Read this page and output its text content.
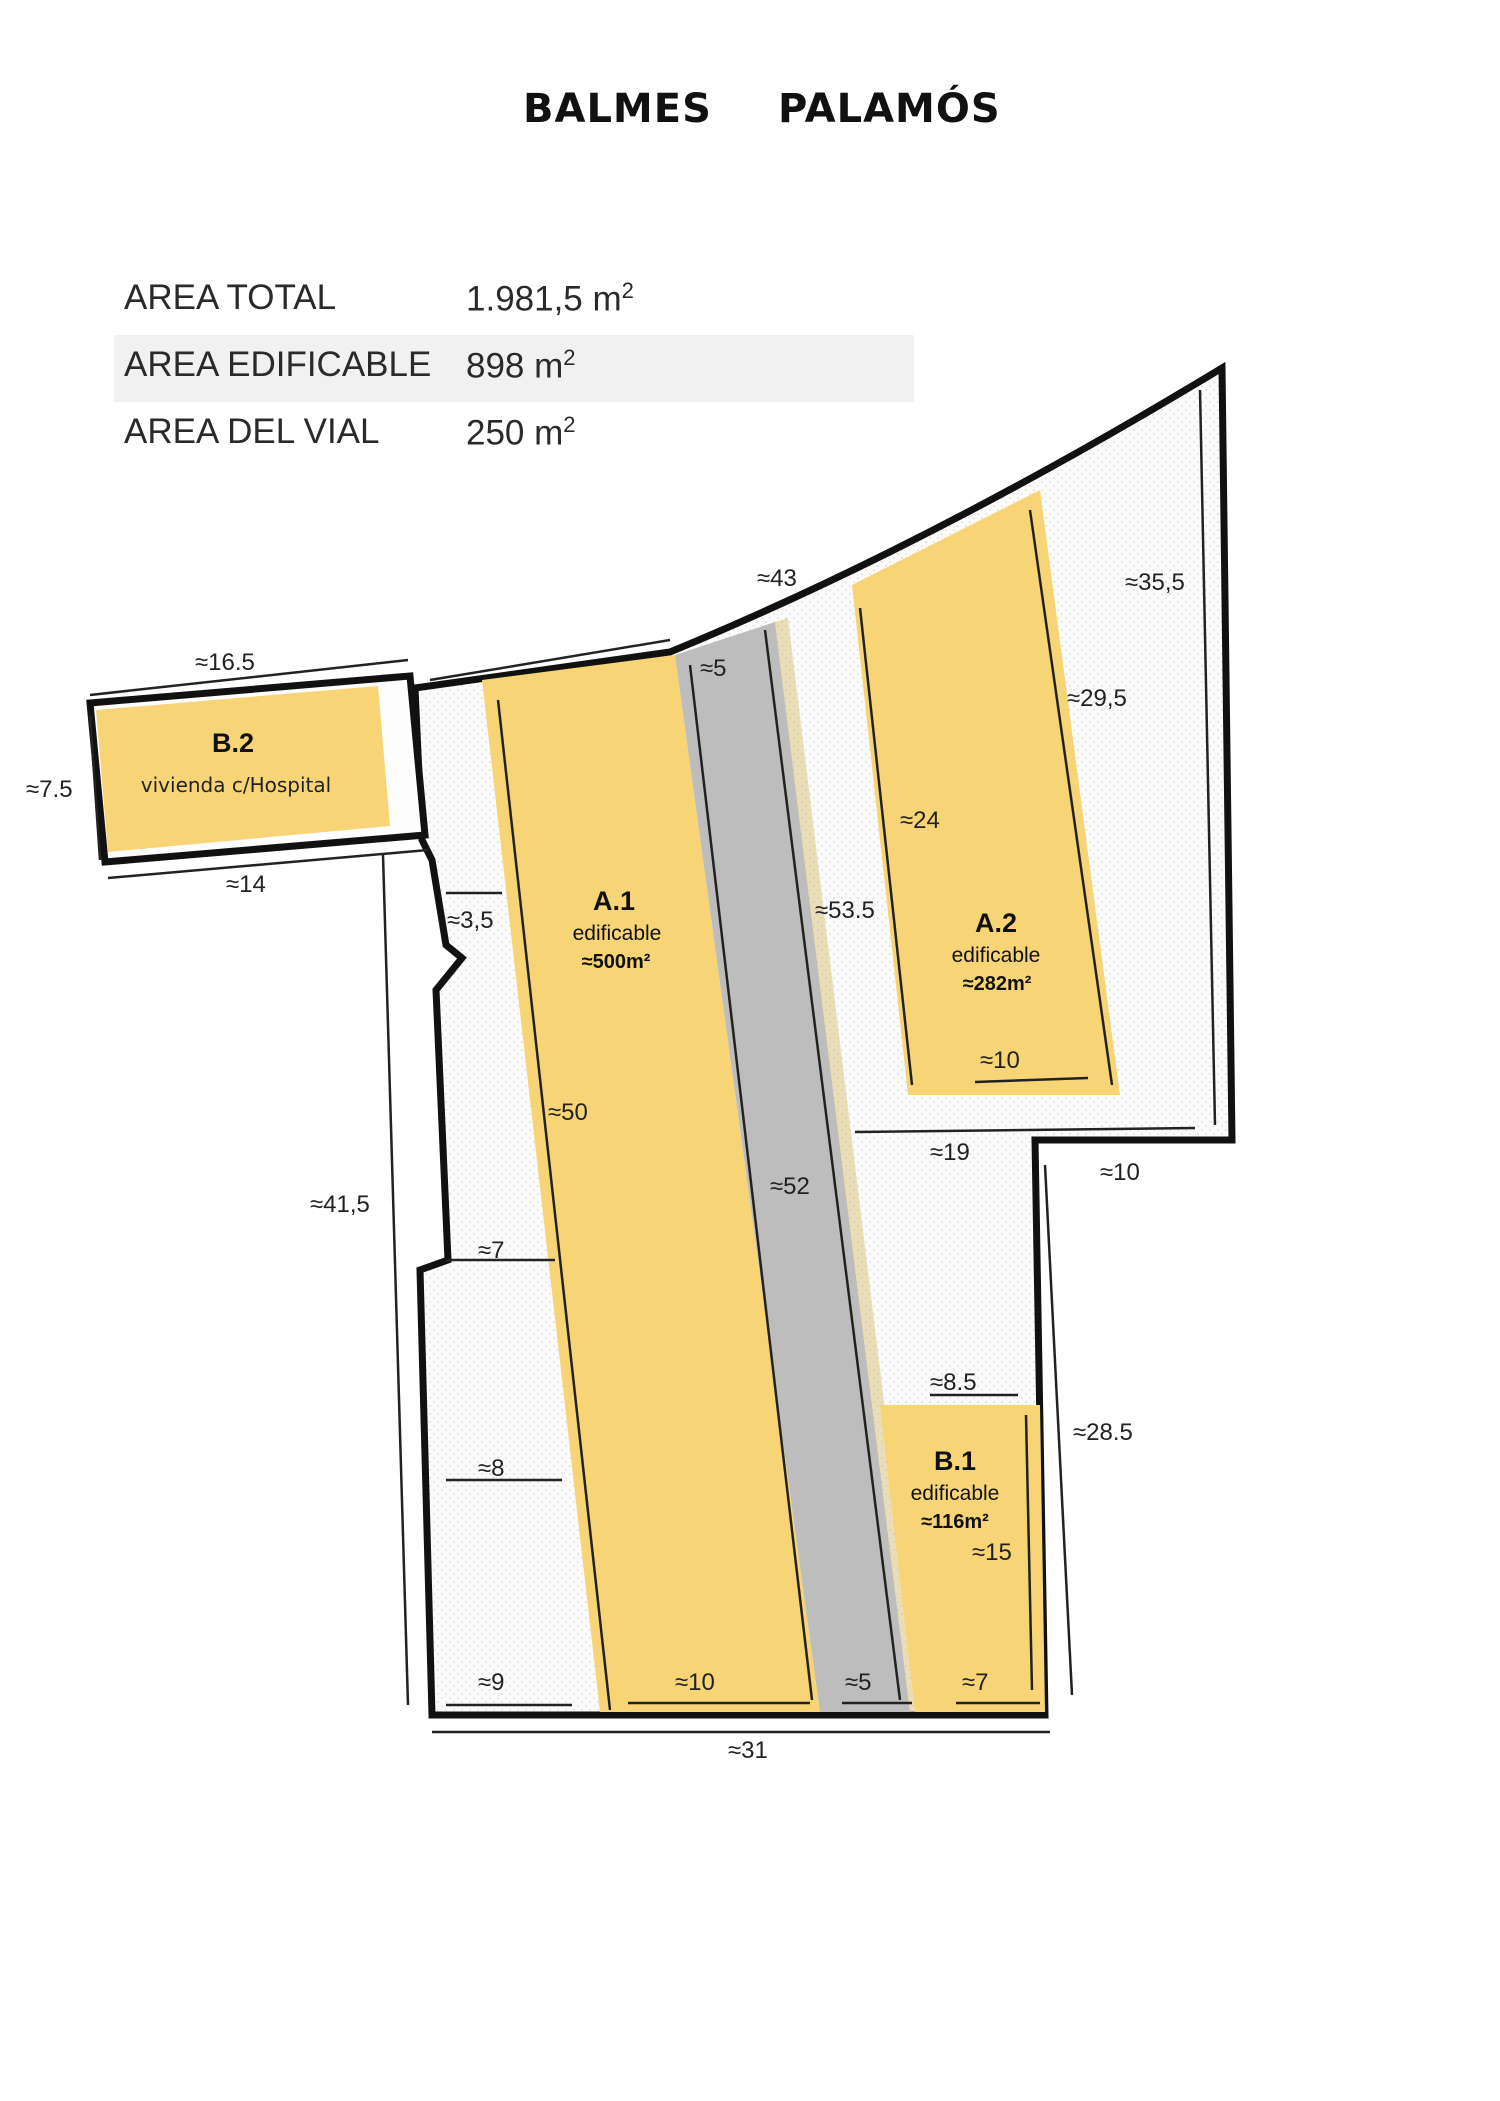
BALMES PALAMÓS
AREA TOTAL	1.981,5 $m^2$
AREA EDIFICABLE 898 $m^2$
AREA DEL VIAL 250 $m^2$
B.2
vivienda c/Hospital
A.1
edificable
≈500m²
A.2
edificable
≈282m²
B.1
edificable
≈116m²
≈16.5
≈7.5
≈14
≈43
≈5
≈35,5
≈29,5
≈24
≈53.5
≈3,5
≈10
≈50
≈19
≈10
≈52
≈41,5
≈7
≈8.5
≈28.5
≈8
≈15
≈9	≈10	≈5	≈7
≈31
